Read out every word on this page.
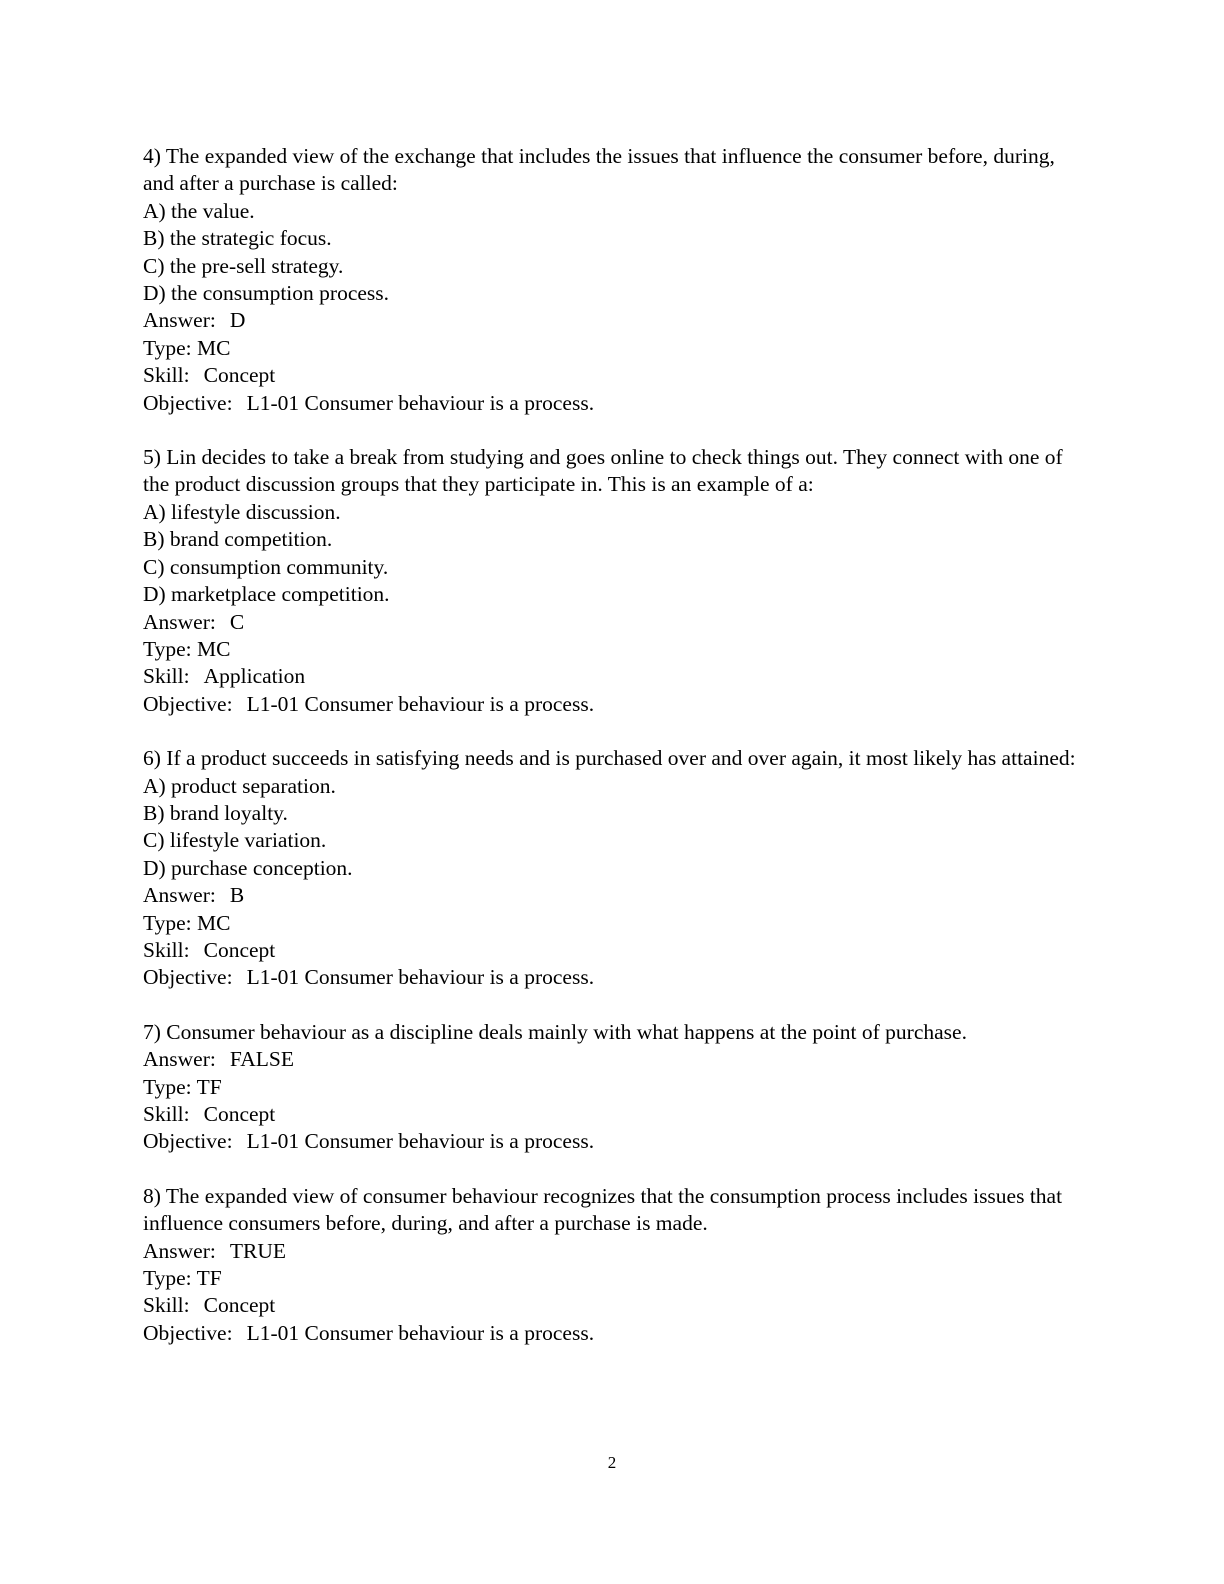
4) The expanded view of the exchange that includes the issues that influence the consumer before, during, and after a purchase is called:
A) the value.
B) the strategic focus.
C) the pre-sell strategy.
D) the consumption process.
Answer: D
Type: MC
Skill: Concept
Objective: L1-01 Consumer behaviour is a process.
5) Lin decides to take a break from studying and goes online to check things out. They connect with one of the product discussion groups that they participate in. This is an example of a:
A) lifestyle discussion.
B) brand competition.
C) consumption community.
D) marketplace competition.
Answer: C
Type: MC
Skill: Application
Objective: L1-01 Consumer behaviour is a process.
6) If a product succeeds in satisfying needs and is purchased over and over again, it most likely has attained:
A) product separation.
B) brand loyalty.
C) lifestyle variation.
D) purchase conception.
Answer: B
Type: MC
Skill: Concept
Objective: L1-01 Consumer behaviour is a process.
7) Consumer behaviour as a discipline deals mainly with what happens at the point of purchase.
Answer: FALSE
Type: TF
Skill: Concept
Objective: L1-01 Consumer behaviour is a process.
8) The expanded view of consumer behaviour recognizes that the consumption process includes issues that influence consumers before, during, and after a purchase is made.
Answer: TRUE
Type: TF
Skill: Concept
Objective: L1-01 Consumer behaviour is a process.
2
